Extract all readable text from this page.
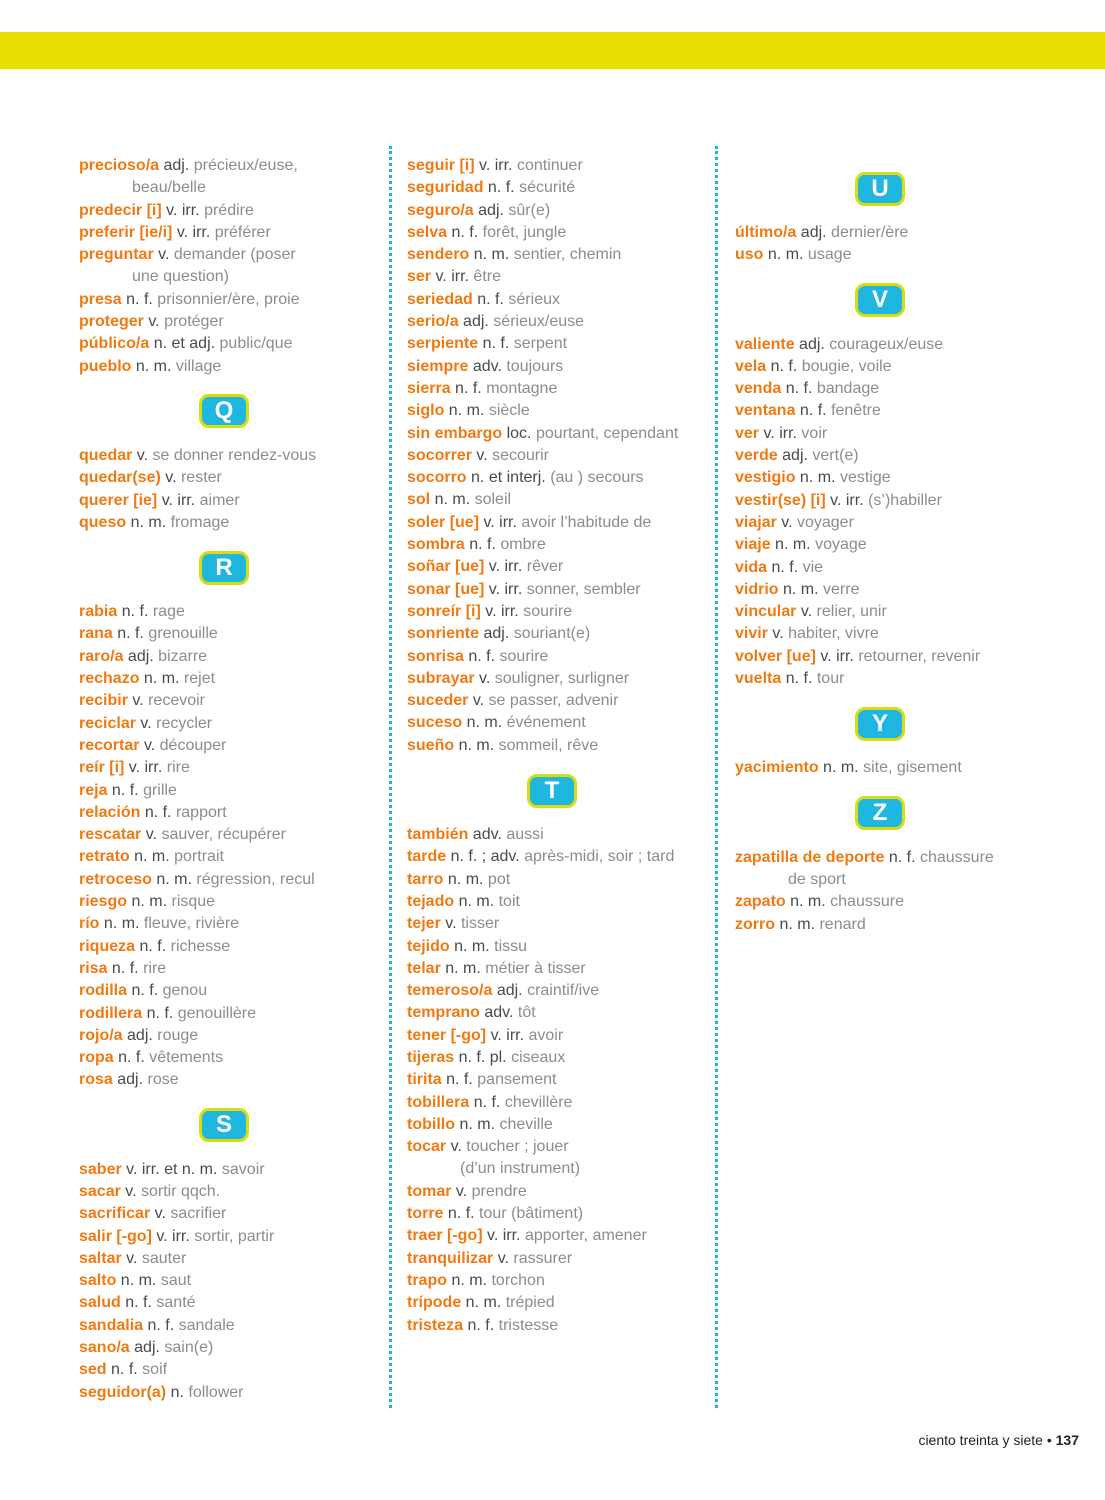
precioso/a adj. précieux/euse,
beau/belle
predecir [i] v. irr. prédire
preferir [ie/i] v. irr. préférer
preguntar v. demander (poser
une question)
presa n. f. prisonnier/ère, proie
proteger v. protéger
público/a n. et adj. public/que
pueblo n. m. village
Q
quedar v. se donner rendez-vous
quedar(se) v. rester
querer [ie] v. irr. aimer
queso n. m. fromage
R
rabia n. f. rage
rana n. f. grenouille
raro/a adj. bizarre
rechazo n. m. rejet
recibir v. recevoir
reciclar v. recycler
recortar v. découper
reír [i] v. irr. rire
reja n. f. grille
relación n. f. rapport
rescatar v. sauver, récupérer
retrato n. m. portrait
retroceso n. m. régression, recul
riesgo n. m. risque
río n. m. fleuve, rivière
riqueza n. f. richesse
risa n. f. rire
rodilla n. f. genou
rodillera n. f. genouillère
rojo/a adj. rouge
ropa n. f. vêtements
rosa adj. rose
S
saber v. irr. et n. m. savoir
sacar v. sortir qqch.
sacrificar v. sacrifier
salir [-go] v. irr. sortir, partir
saltar v. sauter
salto n. m. saut
salud n. f. santé
sandalia n. f. sandale
sano/a adj. sain(e)
sed n. f. soif
seguidor(a) n. follower
seguir [i] v. irr. continuer
seguridad n. f. sécurité
seguro/a adj. sûr(e)
selva n. f. forêt, jungle
sendero n. m. sentier, chemin
ser v. irr. être
seriedad n. f. sérieux
serio/a adj. sérieux/euse
serpiente n. f. serpent
siempre adv. toujours
sierra n. f. montagne
siglo n. m. siècle
sin embargo loc. pourtant, cependant
socorrer v. secourir
socorro n. et interj. (au ) secours
sol n. m. soleil
soler [ue] v. irr. avoir l’habitude de
sombra n. f. ombre
soñar [ue] v. irr. rêver
sonar [ue] v. irr. sonner, sembler
sonreír [i] v. irr. sourire
sonriente adj. souriant(e)
sonrisa n. f. sourire
subrayar v. souligner, surligner
suceder v. se passer, advenir
suceso n. m. événement
sueño n. m. sommeil, rêve
T
también adv. aussi
tarde n. f. ; adv. après-midi, soir ; tard
tarro n. m. pot
tejado n. m. toit
tejer v. tisser
tejido n. m. tissu
telar n. m. métier à tisser
temeroso/a adj. craintif/ive
temprano adv. tôt
tener [-go] v. irr. avoir
tijeras n. f. pl. ciseaux
tirita n. f. pansement
tobillera n. f. chevillère
tobillo n. m. cheville
tocar v. toucher ; jouer
(d’un instrument)
tomar v. prendre
torre n. f. tour (bâtiment)
traer [-go] v. irr. apporter, amener
tranquilizar v. rassurer
trapo n. m. torchon
trípode n. m. trépied
tristeza n. f. tristesse
U
último/a adj. dernier/ère
uso n. m. usage
V
valiente adj. courageux/euse
vela n. f. bougie, voile
venda n. f. bandage
ventana n. f. fenêtre
ver v. irr. voir
verde adj. vert(e)
vestigio n. m. vestige
vestir(se) [i] v. irr. (s’)habiller
viajar v. voyager
viaje n. m. voyage
vida n. f. vie
vidrio n. m. verre
vincular v. relier, unir
vivir v. habiter, vivre
volver [ue] v. irr. retourner, revenir
vuelta n. f. tour
Y
yacimiento n. m. site, gisement
Z
zapatilla de deporte n. f. chaussure
de sport
zapato n. m. chaussure
zorro n. m. renard
ciento treinta y siete • 137
